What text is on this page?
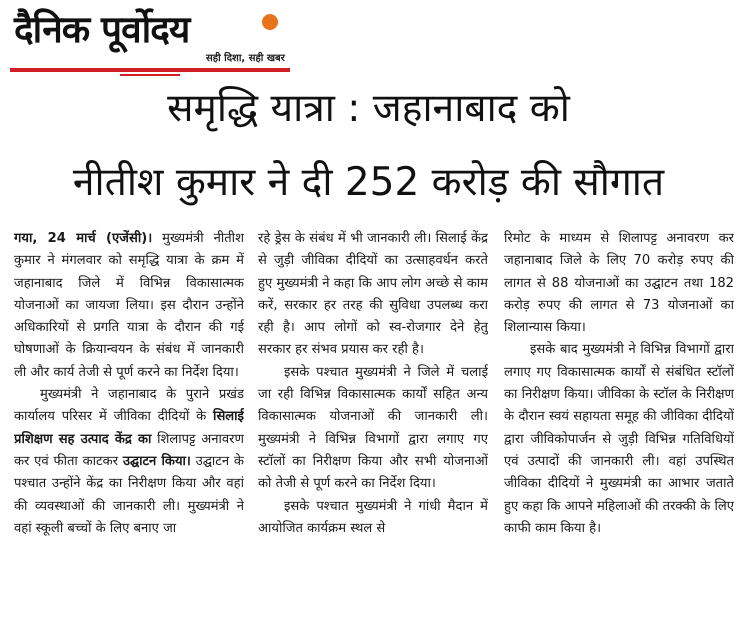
दैनिक पूर्वोदय
सही दिशा, सही खबर
समृद्धि यात्रा : जहानाबाद को
नीतीश कुमार ने दी 252 करोड़ की सौगात

गया, 24 मार्च (एजेंसी)। मुख्यमंत्री नीतीश कुमार ने मंगलवार को समृद्धि यात्रा के क्रम में जहानाबाद जिले में विभिन्न विकासात्मक योजनाओं का जायजा लिया। इस दौरान उन्होंने अधिकारियों से प्रगति यात्रा के दौरान की गई घोषणाओं के क्रियान्वयन के संबंध में जानकारी ली और कार्य तेजी से पूर्ण करने का निर्देश दिया।

मुख्यमंत्री ने जहानाबाद के पुराने प्रखंड कार्यालय परिसर में जीविका दीदियों के सिलाई प्रशिक्षण सह उत्पाद केंद्र का शिलापट्ट अनावरण कर एवं फीता काटकर उद्घाटन किया। उद्घाटन के पश्चात उन्होंने केंद्र का निरीक्षण किया और वहां की व्यवस्थाओं की जानकारी ली। मुख्यमंत्री ने वहां स्कूली बच्चों के लिए बनाए जा

रहे ड्रेस के संबंध में भी जानकारी ली। सिलाई केंद्र से जुड़ी जीविका दीदियों का उत्साहवर्धन करते हुए मुख्यमंत्री ने कहा कि आप लोग अच्छे से काम करें, सरकार हर तरह की सुविधा उपलब्ध करा रही है। आप लोगों को स्व-रोजगार देने हेतु सरकार हर संभव प्रयास कर रही है।

इसके पश्चात मुख्यमंत्री ने जिले में चलाई जा रही विभिन्न विकासात्मक कार्यों सहित अन्य विकासात्मक योजनाओं की जानकारी ली। मुख्यमंत्री ने विभिन्न विभागों द्वारा लगाए गए स्टॉलों का निरीक्षण किया और सभी योजनाओं को तेजी से पूर्ण करने का निर्देश दिया।

इसके पश्चात मुख्यमंत्री ने गांधी मैदान में आयोजित कार्यक्रम स्थल से

रिमोट के माध्यम से शिलापट्ट अनावरण कर जहानाबाद जिले के लिए 70 करोड़ रुपए की लागत से 88 योजनाओं का उद्घाटन तथा 182 करोड़ रुपए की लागत से 73 योजनाओं का शिलान्यास किया।

इसके बाद मुख्यमंत्री ने विभिन्न विभागों द्वारा लगाए गए विकासात्मक कार्यों से संबंधित स्टॉलों का निरीक्षण किया। जीविका के स्टॉल के निरीक्षण के दौरान स्वयं सहायता समूह की जीविका दीदियों द्वारा जीविकोपार्जन से जुड़ी विभिन्न गतिविधियों एवं उत्पादों की जानकारी ली। वहां उपस्थित जीविका दीदियों ने मुख्यमंत्री का आभार जताते हुए कहा कि आपने महिलाओं की तरक्की के लिए काफी काम किया है।
